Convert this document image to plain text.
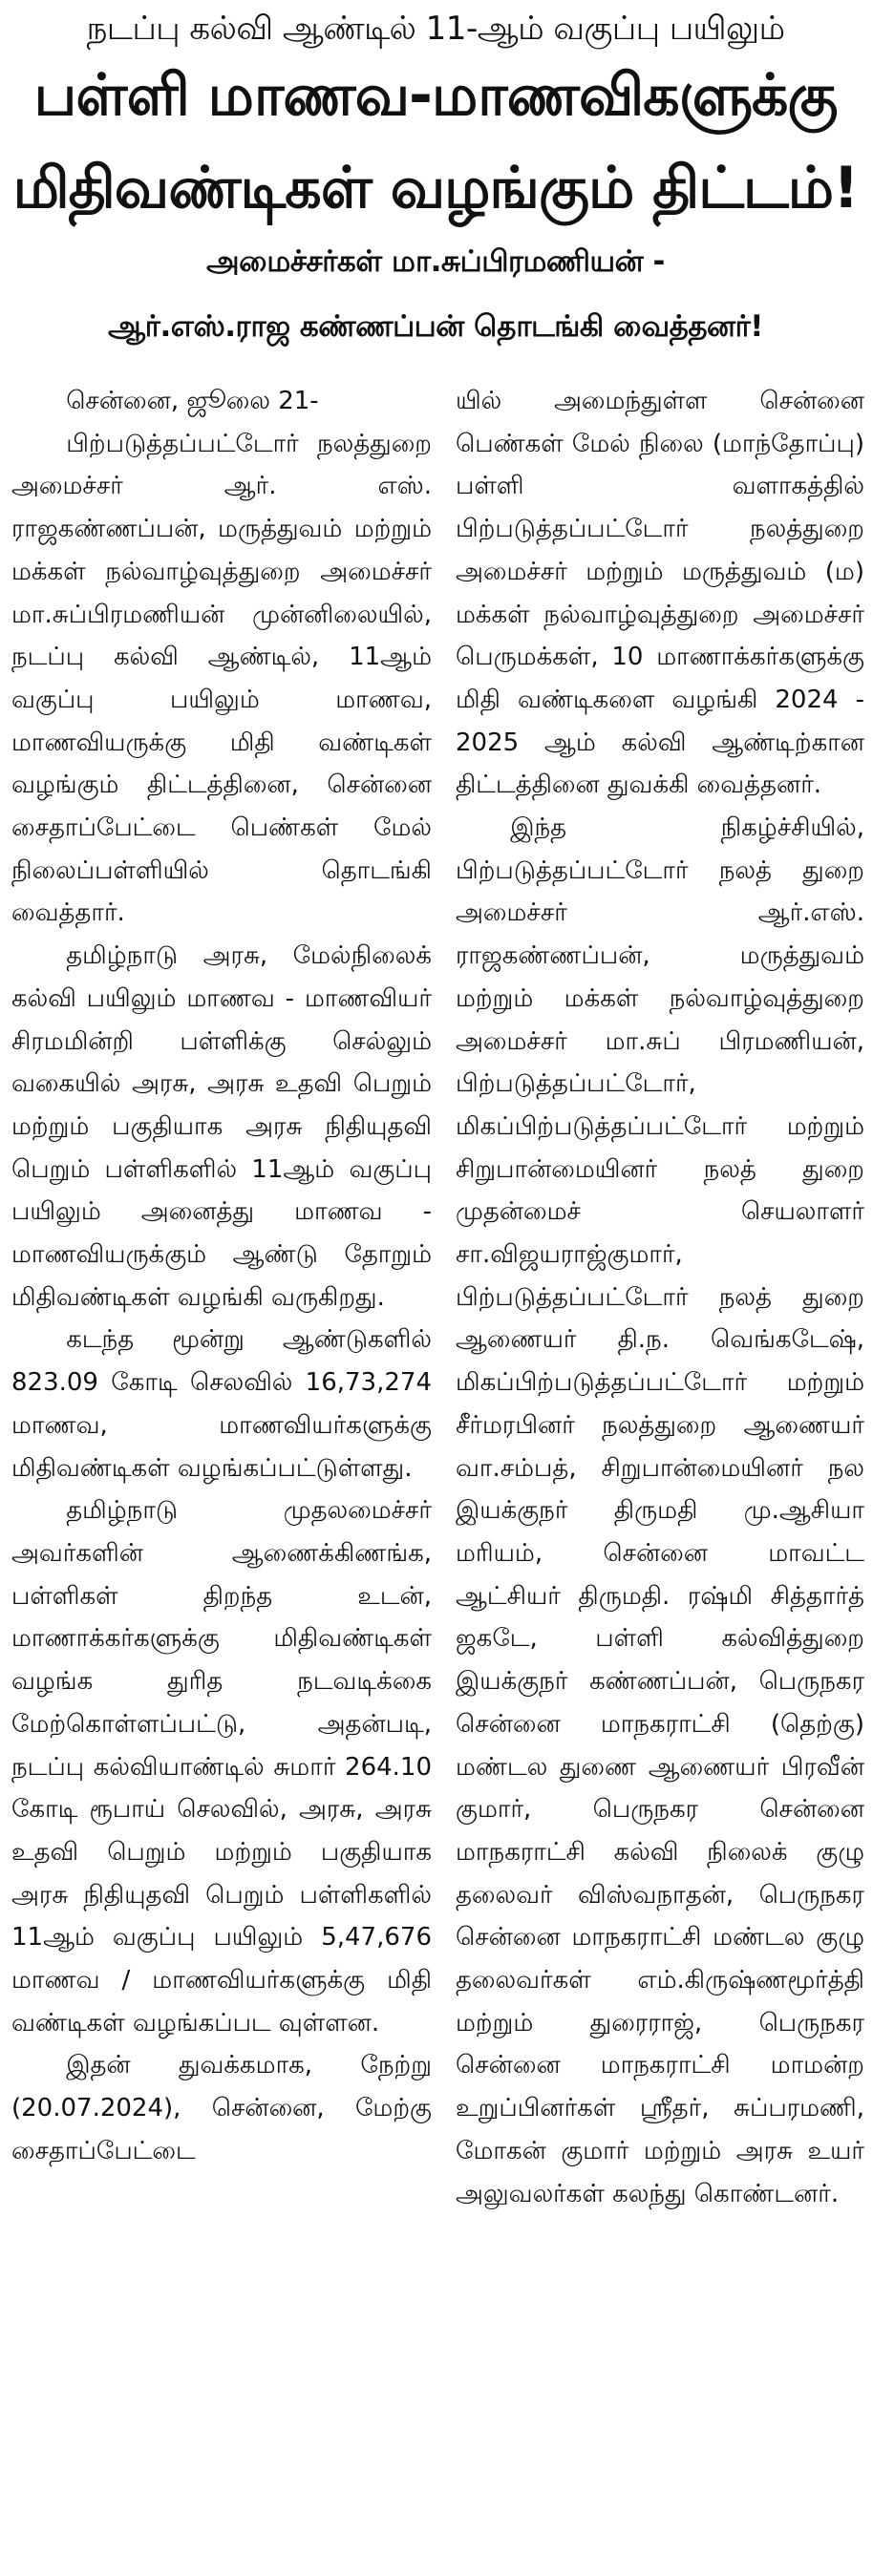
நடப்பு கல்வி ஆண்டில் 11-ஆம் வகுப்பு பயிலும்
பள்ளி மாணவ-மாணவிகளுக்கு
மிதிவண்டிகள் வழங்கும் திட்டம்!
அமைச்சர்கள் மா.சுப்பிரமணியன் -
ஆர்.எஸ்.ராஜ கண்ணப்பன் தொடங்கி வைத்தனர்!

சென்னை, ஜூலை 21-

பிற்படுத்தப்பட்டோர் நலத்துறை அமைச்சர் ஆர். எஸ். ராஜகண்ணப்பன், மருத்துவம் மற்றும் மக்கள் நல்வாழ்வுத்துறை அமைச்சர் மா.சுப்பிரமணியன் முன்னிலையில், நடப்பு கல்வி ஆண்டில், 11ஆம் வகுப்பு பயிலும் மாணவ, மாணவியருக்கு மிதி வண்டிகள் வழங்கும் திட்டத்தினை, சென்னை சைதாப்பேட்டை பெண்கள் மேல் நிலைப்பள்ளியில் தொடங்கி வைத்தார்.

தமிழ்நாடு அரசு, மேல்நிலைக் கல்வி பயிலும் மாணவ - மாணவியர் சிரமமின்றி பள்ளிக்கு செல்லும் வகையில் அரசு, அரசு உதவி பெறும் மற்றும் பகுதியாக அரசு நிதியுதவி பெறும் பள்ளிகளில் 11ஆம் வகுப்பு பயிலும் அனைத்து மாணவ - மாணவியருக்கும் ஆண்டு தோறும் மிதிவண்டிகள் வழங்கி வருகிறது.

கடந்த மூன்று ஆண்டுகளில் 823.09 கோடி செலவில் 16,73,274 மாணவ, மாணவியர்களுக்கு மிதிவண்டிகள் வழங்கப்பட்டுள்ளது.

தமிழ்நாடு முதலமைச்சர் அவர்களின் ஆணைக்கிணங்க, பள்ளிகள் திறந்த உடன், மாணாக்கர்களுக்கு மிதிவண்டிகள் வழங்க துரித நடவடிக்கை மேற்கொள்ளப்பட்டு, அதன்படி, நடப்பு கல்வியாண்டில் சுமார் 264.10 கோடி ரூபாய் செலவில், அரசு, அரசு உதவி பெறும் மற்றும் பகுதியாக அரசு நிதியுதவி பெறும் பள்ளிகளில் 11ஆம் வகுப்பு பயிலும் 5,47,676 மாணவ / மாணவியர்களுக்கு மிதி வண்டிகள் வழங்கப்பட வுள்ளன.

இதன் துவக்கமாக, நேற்று (20.07.2024), சென்னை, மேற்கு சைதாப்பேட்டை

யில் அமைந்துள்ள சென்னை பெண்கள் மேல் நிலை (மாந்தோப்பு) பள்ளி வளாகத்தில் பிற்படுத்தப்பட்டோர் நலத்துறை அமைச்சர் மற்றும் மருத்துவம் (ம) மக்கள் நல்வாழ்வுத்துறை அமைச்சர் பெருமக்கள், 10 மாணாக்கர்களுக்கு மிதி வண்டிகளை வழங்கி 2024 - 2025 ஆம் கல்வி ஆண்டிற்கான திட்டத்தினை துவக்கி வைத்தனர்.

இந்த நிகழ்ச்சியில், பிற்படுத்தப்பட்டோர் நலத் துறை அமைச்சர் ஆர்.எஸ். ராஜகண்ணப்பன், மருத்துவம் மற்றும் மக்கள் நல்வாழ்வுத்துறை அமைச்சர் மா.சுப் பிரமணியன், பிற்படுத்தப்பட்டோர், மிகப்பிற்படுத்தப்பட்டோர் மற்றும் சிறுபான்மையினர் நலத் துறை முதன்மைச் செயலாளர் சா.விஜயராஜ்குமார், பிற்படுத்தப்பட்டோர் நலத் துறை ஆணையர் தி.ந. வெங்கடேஷ், மிகப்பிற்படுத்தப்பட்டோர் மற்றும் சீர்மரபினர் நலத்துறை ஆணையர் வா.சம்பத், சிறுபான்மையினர் நல இயக்குநர் திருமதி மு.ஆசியா மரியம், சென்னை மாவட்ட ஆட்சியர் திருமதி. ரஷ்மி சித்தார்த் ஜகடே, பள்ளி கல்வித்துறை இயக்குநர் கண்ணப்பன், பெருநகர சென்னை மாநகராட்சி (தெற்கு) மண்டல துணை ஆணையர் பிரவீன் குமார், பெருநகர சென்னை மாநகராட்சி கல்வி நிலைக் குழு தலைவர் விஸ்வநாதன், பெருநகர சென்னை மாநகராட்சி மண்டல குழு தலைவர்கள் எம்.கிருஷ்ணமூர்த்தி மற்றும் துரைராஜ், பெருநகர சென்னை மாநகராட்சி மாமன்ற உறுப்பினர்கள் ஸ்ரீதர், சுப்பரமணி, மோகன் குமார் மற்றும் அரசு உயர் அலுவலர்கள் கலந்து கொண்டனர்.
